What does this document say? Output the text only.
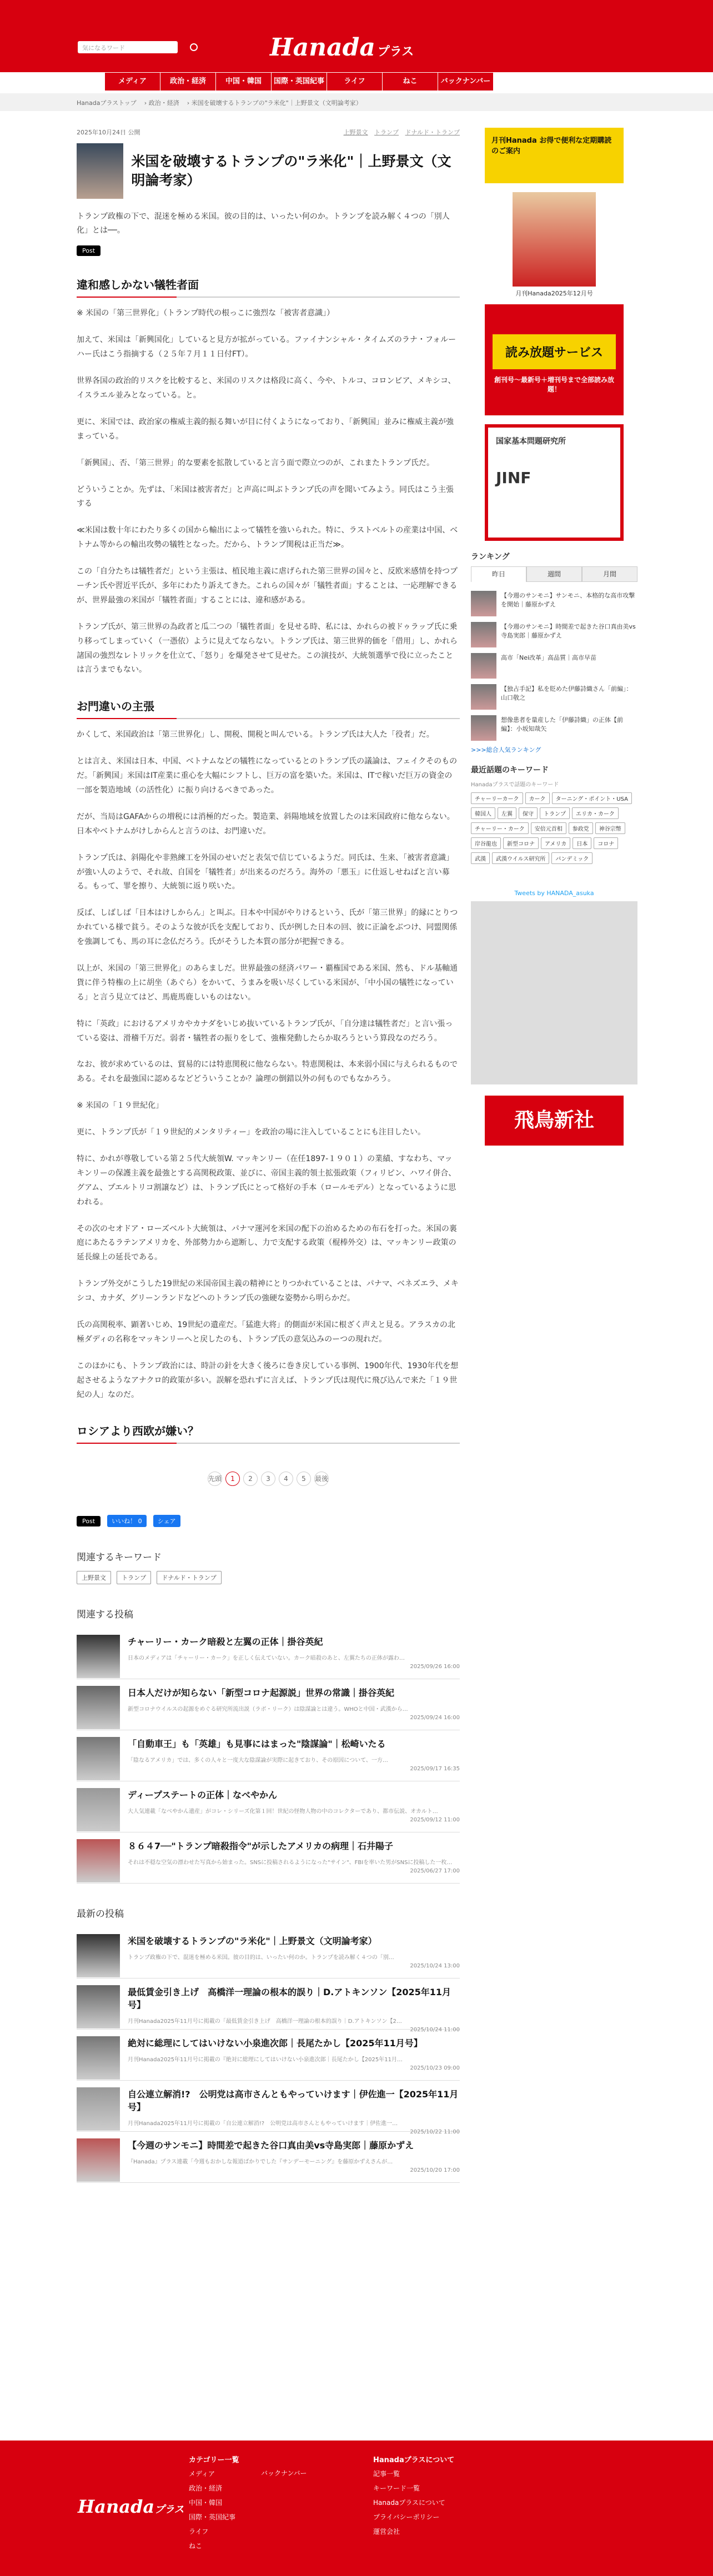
気になるワード	Hanada プラス
メディア	政治・経済	中国・韓国	国際・英国紀事	ライフ	ねこ	バックナンバー
Hanadaプラストップ › 政治・経済 › 米国を破壊するトランプの"ラ米化"｜上野景文（文明論考家）
2025年10月24日 公開	上野景文 トランプ ドナルド・トランプ
米国を破壊するトランプの"ラ米化"｜上野景文（文明論考家）

トランプ政権の下で、混迷を極める米国。彼の目的は、いったい何のか。トランプを読み解く４つの「別人化」とは──。

Post
違和感しかない犠牲者面

※ 米国の「第三世界化」（トランプ時代の根っこに強烈な「被害者意識」）

加えて、米国は「新興国化」していると見方が拡がっている。ファイナンシャル・タイムズのラナ・フォルーハー氏はこう指摘する（２５年７月１１日付FT）。

世界各国の政治的リスクを比較すると、米国のリスクは格段に高く、今や、トルコ、コロンビア、メキシコ、イスラエル並みとなっている。と。

更に、米国では、政治家の権威主義的振る舞いが目に付くようになっており、「新興国」並みに権威主義が強まっている。

「新興国」、否、「第三世界」的な要素を拡散していると言う面で際立つのが、これまたトランプ氏だ。

どういうことか。先ずは、「米国は被害者だ」と声高に叫ぶトランプ氏の声を聞いてみよう。同氏はこう主張する

≪米国は数十年にわたり多くの国から輸出によって犠牲を強いられた。特に、ラストベルトの産業は中国、ベトナム等からの輸出攻勢の犠牲となった。だから、トランプ関税は正当だ≫。

この「自分たちは犠牲者だ」という主張は、植民地主義に虐げられた第三世界の国々と、反欧米感情を持つプーチン氏や習近平氏が、多年にわたり訴えてきた。これらの国々が「犠牲者面」することは、一応理解できるが、世界最強の米国が「犠牲者面」することには、違和感がある。

トランプ氏が、第三世界の為政者と瓜二つの「犠牲者面」を見せる時、私には、かれらの被ドゥラップ氏に乗り移ってしまっていく（一憑依）ように見えてならない。トランプ氏は、第三世界的価を「借用」し、かれら諸国の強烈なレトリックを仕立て、「怒り」を爆発させて見せた。この演技が、大統領選挙で役に立ったことは言うまでもない。

お門違いの主張

かくして、米国政治は「第三世界化」し、開税、開税と叫んでいる。トランプ氏は大人た「役者」だ。

とは言え、米国は日本、中国、ベトナムなどの犠牲になっているとのトランプ氏の議論は、フェイクそのものだ。「新興国」米国はIT産業に重心を大幅にシフトし、巨万の富を築いた。米国は、ITで稼いだ巨万の資金の一部を製造地域（の活性化）に振り向けるべきであった。

だが、当局はGAFAからの増税には消極的だった。製造業、斜陽地域を放置したのは米国政府に他ならない。日本やベトナムがけしからんと言うのは、お門違いだ。

トランプ氏は、斜陽化や非熟練工を外国のせいだと表気で信じているようだ。同氏は、生来、「被害者意識」が強い人のようで、それ故、自国を「犠牲者」が出来るのだろう。海外の「悪玉」に仕返しせねばと言い募る。もって、罪を擦り、大統領に返り咲いた。

反ば、しばしば「日本はけしからん」と叫ぶ。日本や中国がやりけるという、氏が「第三世界」的縁にとりつかれている様で貧う。そのような彼が氏を支配しており、氏が例した日本の回、彼に正論をぶつけ、同盟関係を強調しても、馬の耳に念仏だろう。氏がそうした本質の部分が把握できる。

以上が、米国の「第三世界化」のあらましだ。世界最強の経済パワー・覇権国である米国、然も、ドル基軸通貨に伴う特権の上に胡坐（あぐら）をかいて、うまみを吸い尽くしている米国が、「中小国の犠牲になっている」と言う見立てはど、馬鹿馬鹿しいものはない。

特に「英政」におけるアメリカやカナダをいじめ抜いているトランプ氏が、「自分達は犠牲者だ」と言い張っている姿は、滑稽千万だ。弱者・犠牲者の振りをして、強権発動したらか取ろうという算段なのだろう。

なお、彼が求めているのは、貿易的には特恵関税に他ならない。特恵関税は、本来弱小国に与えられるものである。それを最強国に認めるなどどういうことか？論理の倒錯以外の何ものでもなかろう。

※ 米国の「１９世紀化」

更に、トランプ氏が「１９世紀的メンタリティー」を政治の場に注入していることにも注目したい。

特に、かれが尊敬している第２５代大統領W. マッキンリー（在任1897-１９０１）の業績、すなわち、マッキンリーの保護主義を最強とする高関税政策、並びに、帝国主義的領土拡張政策（フィリピン、ハワイ併合、グアム、プエルトリコ割譲など）は、トランプ氏にとって格好の手本（ロールモデル）となっているように思われる。

その次のセオドア・ローズベルト大統領は、パナマ運河を米国の配下の治めるための布石を打った。米国の裏庭にあたるラテンアメリカを、外部勢力から遮断し、力で支配する政策（棍棒外交）は、マッキンリー政策の延長線上の延長である。

トランプ外交がこうした19世紀の米国帝国主義の精神にとりつかれていることは、パナマ、ベネズエラ、メキシコ、カナダ、グリーンランドなどへのトランプ氏の強硬な姿勢から明らかだ。

氏の高関税率、顕著いじめ、19世紀の遺産だ。「猛進大将」的側面が米国に根ざく声えと見る。アラスカの北極ダディの名称をマッキンリーへと戻したのも、トランプ氏の意気込みのーつの現れだ。

このほかにも、トランプ政治には、時計の針を大きく後ろに巻き戻している事例、1900年代、1930年代を想起させるようなアナクロ的政策が多い。誤解を恐れずに言えば、トランプ氏は現代に飛び込んで来た「１９世紀の人」なのだ。

ロシアより西欧が嫌い？
先頭 1 2 3 4 5 最後
Post	いいね！ 0	シェア
関連するキーワード
上野景文	トランプ	ドナルド・トランプ
関連する投稿
チャーリー・カーク暗殺と左翼の正体｜掛谷英紀
日本のメディアは「チャーリー・カーク」を正しく伝えていない。カーク暗殺のあと、左翼たちの正体が露わ…
2025/09/26 16:00
日本人だけが知らない「新型コロナ起源説」世界の常識｜掛谷英紀
新型コロナウイルスの起源をめぐる研究所流出説（ラボ・リーク）は陰謀論とは違う。WHOと中国・武漢から…
2025/09/24 16:00
「自動車王」も「英雄」も見事にはまった"陰謀論"｜松崎いたる
「陰なるアメリカ」では、多くの人々と一度大な陰謀論が実際に起きており、その原因について、一方…
2025/09/17 16:35
ディープステートの正体｜なべやかん
大人気連載「なべやかん遺産」がコレ・シリーズ化第１回！世紀の怪物人物の中のコレクターであり、都市伝説、オカルト…
2025/09/12 11:00
８６４7──"トランプ暗殺指令"が示したアメリカの病理｜石井陽子
それは不穏な空気の漂わせた写真から始まった。SNSに投稿されるようになった"サイン"、FBIを率いた男がSNSに投稿した一枚…
2025/06/27 17:00
最新の投稿
米国を破壊するトランプの"ラ米化"｜上野景文（文明論考家）
トランプ政権の下で、混迷を極める米国。彼の目的は、いったい何のか。トランプを読み解く４つの「別…
2025/10/24 13:00
最低賃金引き上げ　高橋洋一理論の根本的誤り｜D.アトキンソン【2025年11月号】
月刊Hanada2025年11月号に掲載の「最低賃金引き上げ　高橋洋一理論の根本的誤り｜D.アトキンソン【2…
2025/10/24 11:00
絶対に総理にしてはいけない小泉進次郎｜長尾たかし【2025年11月号】
月刊Hanada2025年11月号に掲載の『絶対に総理にしてはいけない小泉進次郎｜長尾たかし【2025年11月…
2025/10/23 09:00
自公連立解消!?　公明党は高市さんともやっていけます｜伊佐進一【2025年11月号】
月刊Hanada2025年11月号に掲載の「自公連立解消!?　公明党は高市さんともやっていけます｜伊佐進一…
2025/10/22 11:00
【今週のサンモニ】時間差で起きた谷口真由美vs寺島実郎｜藤原かずえ
『Hanada』プラス連載「今週もおかしな報道ばかりでした『サンデーモーニング』を藤原かずえさんが…
2025/10/20 17:00
月刊Hanada お得で便利な定期購読のご案内
月刊Hanada2025年12月号
読み放題サービス
創刊号～最新号＋増刊号まで全部読み放題！
国家基本問題研究所
JINF
ランキング
昨日	週間	月間
【今週のサンモニ】サンモニ、本格的な高市攻撃を開始｜藤原かずえ
【今週のサンモニ】時間差で起きた谷口真由美vs寺島実郎｜藤原かずえ
高市「Nei改革」高品質｜高市早苗
【独占手記】私を貶めた伊藤詩織さん「前編」：山口敬之
想像患者を量産した「伊藤詩織」の正体【前編】：小坂知哉矢
>>>総合人気ランキング
最近話題のキーワード
Hanadaプラスで話題のキーワード
チャーリーカーク カーク ターニング・ポイント・USA韓国人 左翼 保守 トランプ エリカ・カークチャーリー・カーク 安倍元首相 参政党 神谷宗幣岸谷龍也 新型コロナ アメリカ 日本 コロナ武漢 武漢ウイルス研究所 パンデミック
Tweets by HANADA_asuka
飛鳥新社
Hanadaプラス
カテゴリー一覧
メディア
政治・経済
中国・韓国
国際・英国紀事
ライフ
ねこ
バックナンバー
Hanadaプラスについて
記事一覧
キーワード一覧
Hanadaプラスについて
プライバシーポリシー
運営会社
